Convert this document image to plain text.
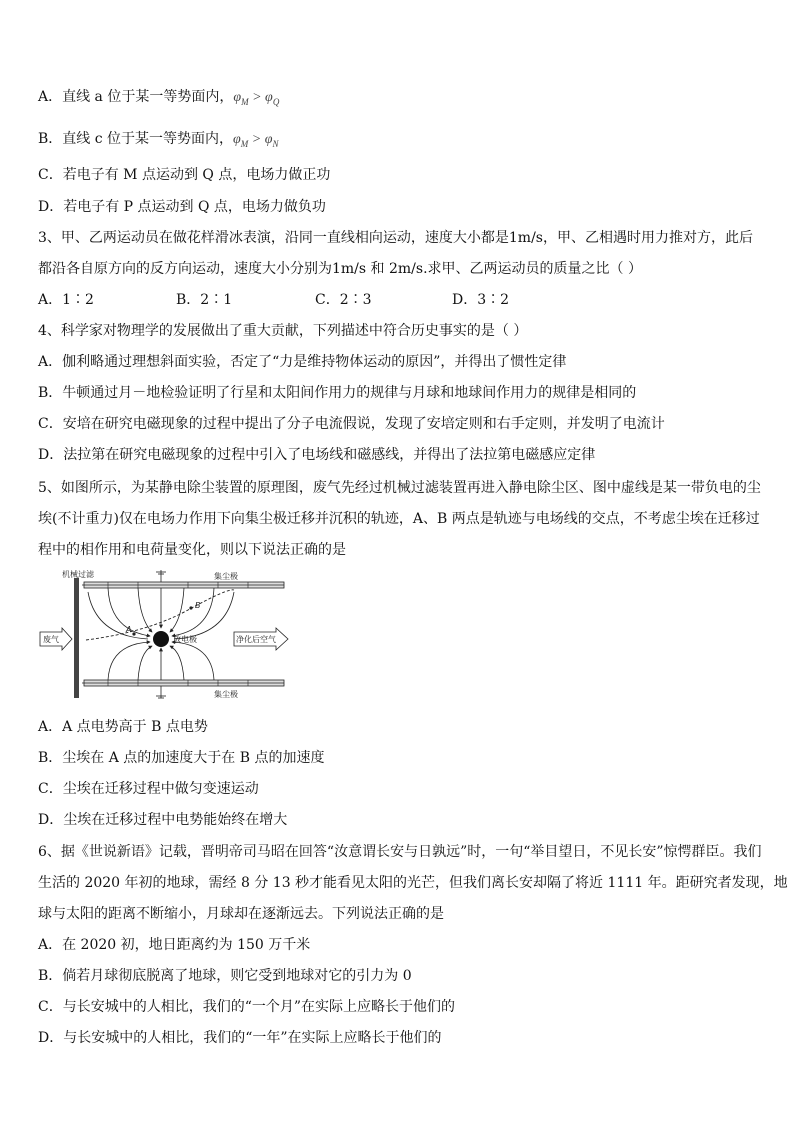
A．直线 a 位于某一等势面内，$\varphi_M > \varphi_Q$
B．直线 c 位于某一等势面内，$\varphi_M > \varphi_N$
C．若电子有 M 点运动到 Q 点，电场力做正功
D．若电子有 P 点运动到 Q 点，电场力做负功
3、甲、乙两运动员在做花样滑冰表演，沿同一直线相向运动，速度大小都是1m/s，甲、乙相遇时用力推对方，此后
都沿各自原方向的反方向运动，速度大小分别为1m/s 和 2m/s.求甲、乙两运动员的质量之比（ ）
A．1∶2	B．2∶1	C．2∶3	D．3∶2
4、科学家对物理学的发展做出了重大贡献，下列描述中符合历史事实的是（ ）
A．伽利略通过理想斜面实验，否定了“力是维持物体运动的原因”，并得出了惯性定律
B．牛顿通过月－地检验证明了行星和太阳间作用力的规律与月球和地球间作用力的规律是相同的
C．安培在研究电磁现象的过程中提出了分子电流假说，发现了安培定则和右手定则，并发明了电流计
D．法拉第在研究电磁现象的过程中引入了电场线和磁感线，并得出了法拉第电磁感应定律
5、如图所示，为某静电除尘装置的原理图，废气先经过机械过滤装置再进入静电除尘区、图中虚线是某一带负电的尘
埃(不计重力)仅在电场力作用下向集尘极迁移并沉积的轨迹，A、B 两点是轨迹与电场线的交点，不考虑尘埃在迁移过
程中的相作用和电荷量变化，则以下说法正确的是
机械过滤	集尘极
集尘极
A
B
放电极
废气	净化后空气
A．A 点电势高于 B 点电势
B．尘埃在 A 点的加速度大于在 B 点的加速度
C．尘埃在迁移过程中做匀变速运动
D．尘埃在迁移过程中电势能始终在增大
6、据《世说新语》记载，晋明帝司马昭在回答“汝意谓长安与日孰远”时，一句“举目望日，不见长安”惊愕群臣。我们
生活的 2020 年初的地球，需经 8 分 13 秒才能看见太阳的光芒，但我们离长安却隔了将近 1111 年。距研究者发现，地
球与太阳的距离不断缩小，月球却在逐渐远去。下列说法正确的是
A．在 2020 初，地日距离约为 150 万千米
B．倘若月球彻底脱离了地球，则它受到地球对它的引力为 0
C．与长安城中的人相比，我们的“一个月”在实际上应略长于他们的
D．与长安城中的人相比，我们的“一年”在实际上应略长于他们的
